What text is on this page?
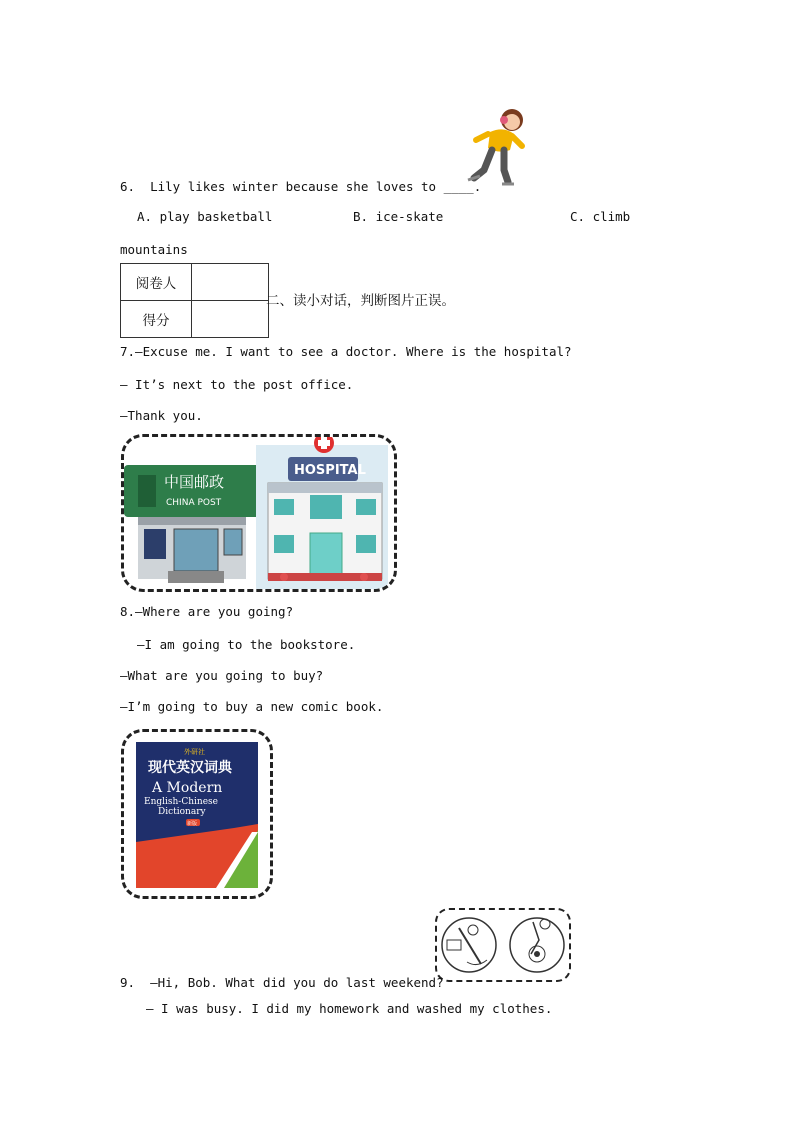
6.  Lily likes winter because she loves to ____.
A. play basketball	B. ice-skate	C. climb
mountains
阅卷人	
得分	
二、读小对话，判断图片正误。
7.—Excuse me. I want to see a doctor. Where is the hospital?
— It’s next to the post office.
—Thank you.
中国邮政
CHINA POST
HOSPITAL
8.—Where are you going?
—I am going to the bookstore.
—What are you going to buy?
—I’m going to buy a new comic book.
外研社
现代英汉词典
A Modern
English-Chinese
Dictionary
新版
9.  —Hi, Bob. What did you do last weekend?
— I was busy. I did my homework and washed my clothes.
